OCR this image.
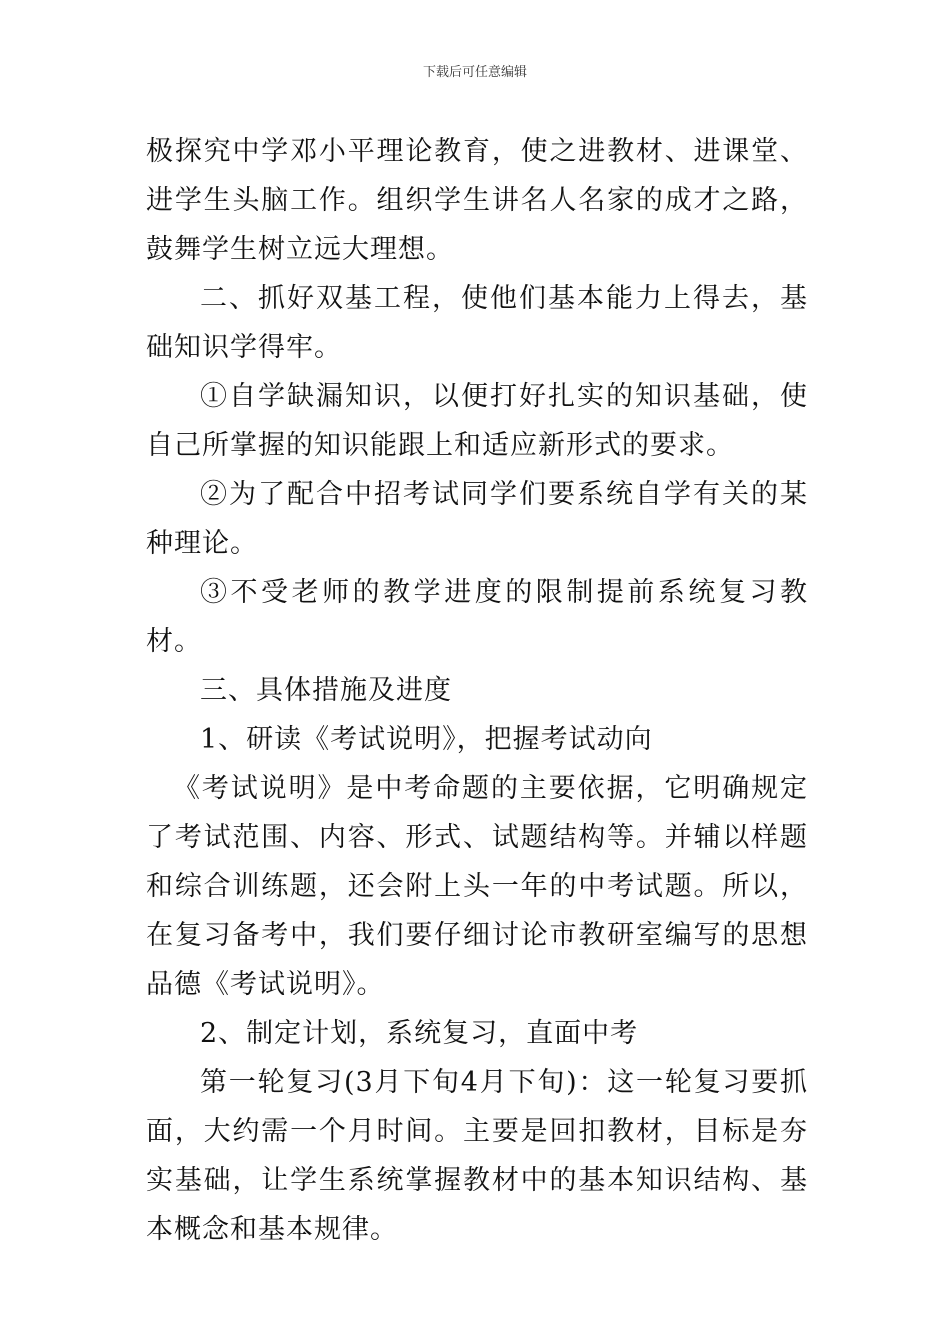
下载后可任意编辑

极探究中学邓小平理论教育，使之进教材、进课堂、进学生头脑工作。组织学生讲名人名家的成才之路，鼓舞学生树立远大理想。

二、抓好双基工程，使他们基本能力上得去，基础知识学得牢。

①自学缺漏知识，以便打好扎实的知识基础，使自己所掌握的知识能跟上和适应新形式的要求。

②为了配合中招考试同学们要系统自学有关的某种理论。

③不受老师的教学进度的限制提前系统复习教材。

三、具体措施及进度

1、研读《考试说明》，把握考试动向

《考试说明》是中考命题的主要依据，它明确规定了考试范围、内容、形式、试题结构等。并辅以样题和综合训练题，还会附上头一年的中考试题。所以，在复习备考中，我们要仔细讨论市教研室编写的思想品德《考试说明》。

2、制定计划，系统复习，直面中考

第一轮复习(3月下旬4月下旬)：这一轮复习要抓面，大约需一个月时间。主要是回扣教材，目标是夯实基础，让学生系统掌握教材中的基本知识结构、基本概念和基本规律。
